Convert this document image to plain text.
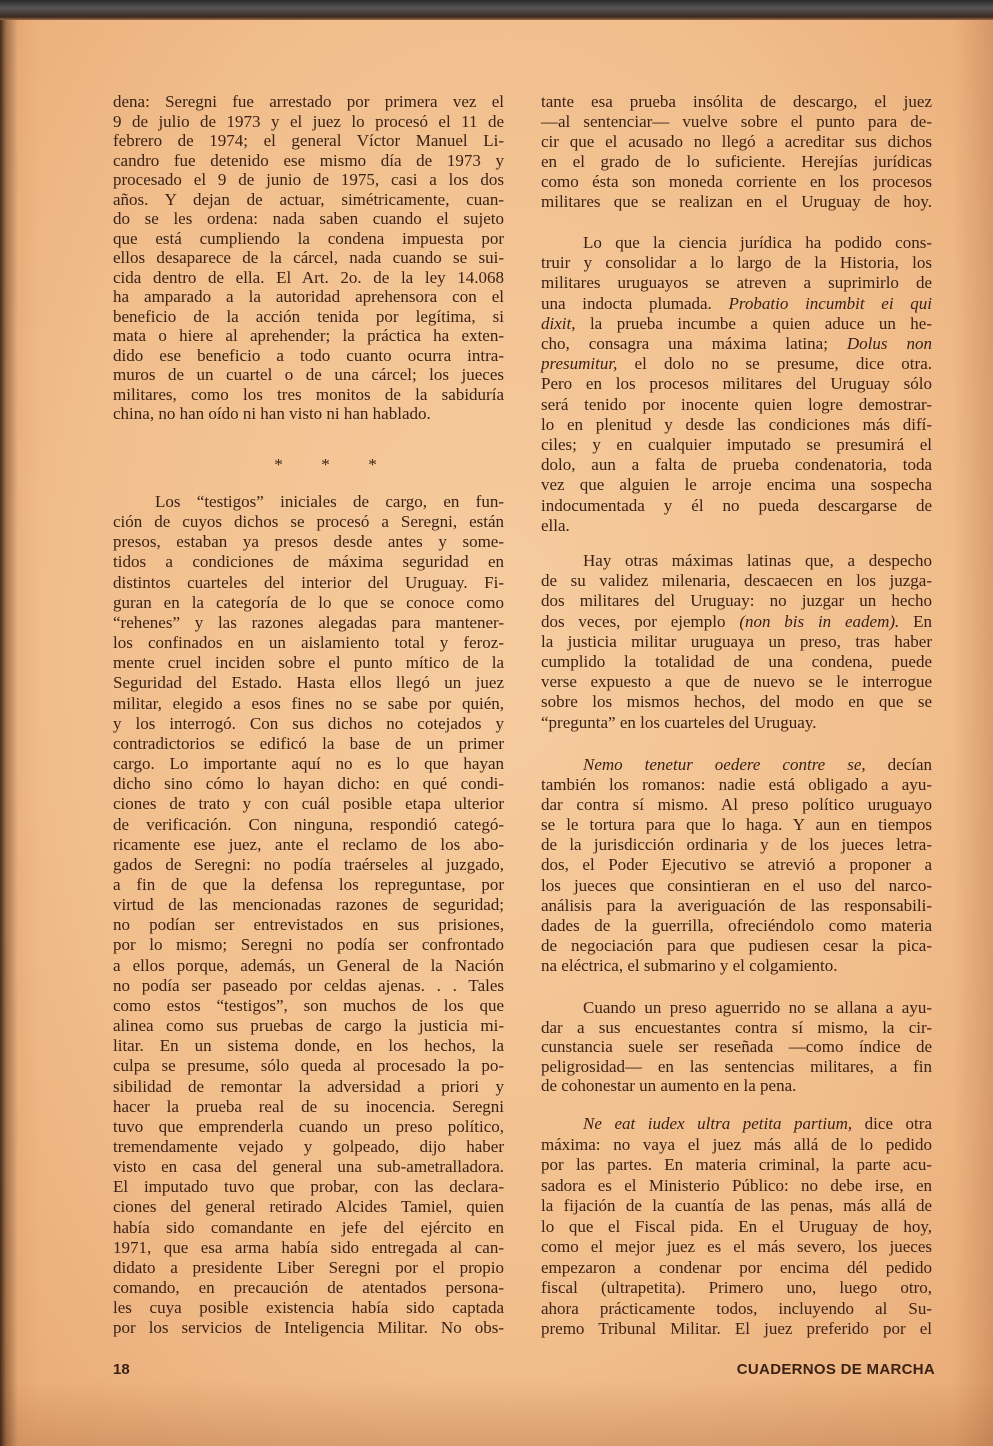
dena: Seregni fue arrestado por primera vez el
9 de julio de 1973 y el juez lo procesó el 11 de
febrero de 1974; el general Víctor Manuel Li-
candro fue detenido ese mismo día de 1973 y
procesado el 9 de junio de 1975, casi a los dos
años. Y dejan de actuar, simétricamente, cuan-
do se les ordena: nada saben cuando el sujeto
que está cumpliendo la condena impuesta por
ellos desaparece de la cárcel, nada cuando se sui-
cida dentro de ella. El Art. 2o. de la ley 14.068
ha amparado a la autoridad aprehensora con el
beneficio de la acción tenida por legítima, si
mata o hiere al aprehender; la práctica ha exten-
dido ese beneficio a todo cuanto ocurra intra-
muros de un cuartel o de una cárcel; los jueces
militares, como los tres monitos de la sabiduría
china, no han oído ni han visto ni han hablado.
Los “testigos” iniciales de cargo, en fun-
ción de cuyos dichos se procesó a Seregni, están
presos, estaban ya presos desde antes y some-
tidos a condiciones de máxima seguridad en
distintos cuarteles del interior del Uruguay. Fi-
guran en la categoría de lo que se conoce como
“rehenes” y las razones alegadas para mantener-
los confinados en un aislamiento total y feroz-
mente cruel inciden sobre el punto mítico de la
Seguridad del Estado. Hasta ellos llegó un juez
militar, elegido a esos fines no se sabe por quién,
y los interrogó. Con sus dichos no cotejados y
contradictorios se edificó la base de un primer
cargo. Lo importante aquí no es lo que hayan
dicho sino cómo lo hayan dicho: en qué condi-
ciones de trato y con cuál posible etapa ulterior
de verificación. Con ninguna, respondió categó-
ricamente ese juez, ante el reclamo de los abo-
gados de Seregni: no podía traérseles al juzgado,
a fin de que la defensa los repreguntase, por
virtud de las mencionadas razones de seguridad;
no podían ser entrevistados en sus prisiones,
por lo mismo; Seregni no podía ser confrontado
a ellos porque, además, un General de la Nación
no podía ser paseado por celdas ajenas. . . Tales
como estos “testigos”, son muchos de los que
alinea como sus pruebas de cargo la justicia mi-
litar. En un sistema donde, en los hechos, la
culpa se presume, sólo queda al procesado la po-
sibilidad de remontar la adversidad a priori y
hacer la prueba real de su inocencia. Seregni
tuvo que emprenderla cuando un preso político,
tremendamente vejado y golpeado, dijo haber
visto en casa del general una sub-ametralladora.
El imputado tuvo que probar, con las declara-
ciones del general retirado Alcides Tamiel, quien
había sido comandante en jefe del ejército en
1971, que esa arma había sido entregada al can-
didato a presidente Liber Seregni por el propio
comando, en precaución de atentados persona-
les cuya posible existencia había sido captada
por los servicios de Inteligencia Militar. No obs-
* * *
tante esa prueba insólita de descargo, el juez
—al sentenciar— vuelve sobre el punto para de-
cir que el acusado no llegó a acreditar sus dichos
en el grado de lo suficiente. Herejías jurídicas
como ésta son moneda corriente en los procesos
militares que se realizan en el Uruguay de hoy.
Lo que la ciencia jurídica ha podido cons-
truir y consolidar a lo largo de la Historia, los
militares uruguayos se atreven a suprimirlo de
una indocta plumada. Probatio incumbit ei qui
dixit, la prueba incumbe a quien aduce un he-
cho, consagra una máxima latina; Dolus non
presumitur, el dolo no se presume, dice otra.
Pero en los procesos militares del Uruguay sólo
será tenido por inocente quien logre demostrar-
lo en plenitud y desde las condiciones más difí-
ciles; y en cualquier imputado se presumirá el
dolo, aun a falta de prueba condenatoria, toda
vez que alguien le arroje encima una sospecha
indocumentada y él no pueda descargarse de
ella.
Hay otras máximas latinas que, a despecho
de su validez milenaria, descaecen en los juzga-
dos militares del Uruguay: no juzgar un hecho
dos veces, por ejemplo (non bis in eadem). En
la justicia militar uruguaya un preso, tras haber
cumplido la totalidad de una condena, puede
verse expuesto a que de nuevo se le interrogue
sobre los mismos hechos, del modo en que se
“pregunta” en los cuarteles del Uruguay.
Nemo tenetur oedere contre se, decían
también los romanos: nadie está obligado a ayu-
dar contra sí mismo. Al preso político uruguayo
se le tortura para que lo haga. Y aun en tiempos
de la jurisdicción ordinaria y de los jueces letra-
dos, el Poder Ejecutivo se atrevió a proponer a
los jueces que consintieran en el uso del narco-
análisis para la averiguación de las responsabili-
dades de la guerrilla, ofreciéndolo como materia
de negociación para que pudiesen cesar la pica-
na eléctrica, el submarino y el colgamiento.
Cuando un preso aguerrido no se allana a ayu-
dar a sus encuestantes contra sí mismo, la cir-
cunstancia suele ser reseñada —como índice de
peligrosidad— en las sentencias militares, a fin
de cohonestar un aumento en la pena.
Ne eat iudex ultra petita partium, dice otra
máxima: no vaya el juez más allá de lo pedido
por las partes. En materia criminal, la parte acu-
sadora es el Ministerio Público: no debe irse, en
la fijación de la cuantía de las penas, más allá de
lo que el Fiscal pida. En el Uruguay de hoy,
como el mejor juez es el más severo, los jueces
empezaron a condenar por encima dél pedido
fiscal (ultrapetita). Primero uno, luego otro,
ahora prácticamente todos, incluyendo al Su-
premo Tribunal Militar. El juez preferido por el
18	CUADERNOS DE MARCHA
